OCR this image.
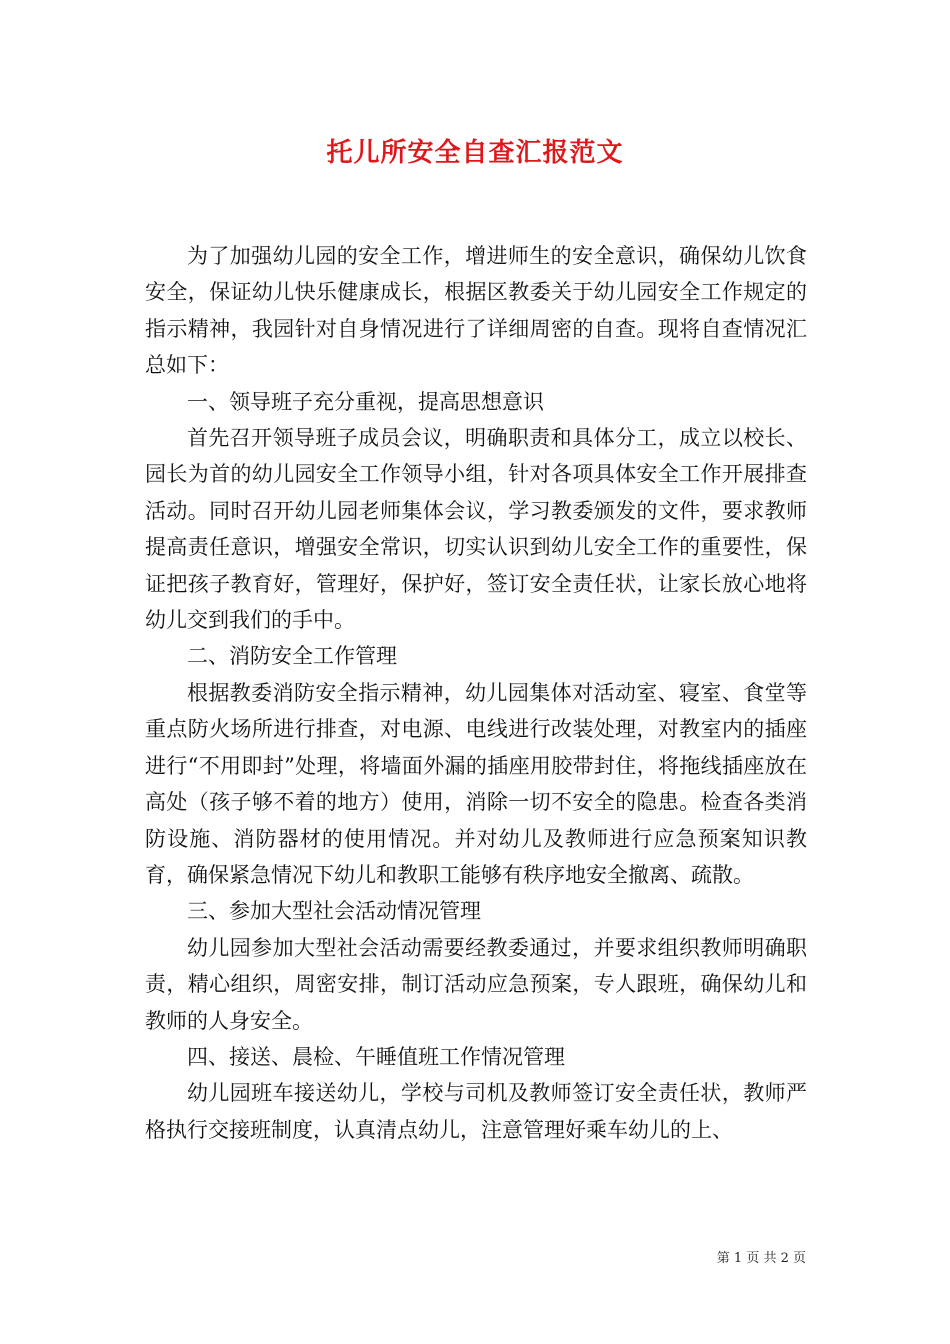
托儿所安全自查汇报范文

为了加强幼儿园的安全工作，增进师生的安全意识，确保幼儿饮食安全，保证幼儿快乐健康成长，根据区教委关于幼儿园安全工作规定的指示精神，我园针对自身情况进行了详细周密的自查。现将自查情况汇总如下：

一、领导班子充分重视，提高思想意识

首先召开领导班子成员会议，明确职责和具体分工，成立以校长、园长为首的幼儿园安全工作领导小组，针对各项具体安全工作开展排查活动。同时召开幼儿园老师集体会议，学习教委颁发的文件，要求教师提高责任意识，增强安全常识，切实认识到幼儿安全工作的重要性，保证把孩子教育好，管理好，保护好，签订安全责任状，让家长放心地将幼儿交到我们的手中。

二、消防安全工作管理

根据教委消防安全指示精神，幼儿园集体对活动室、寝室、食堂等重点防火场所进行排查，对电源、电线进行改装处理，对教室内的插座进行“不用即封”处理，将墙面外漏的插座用胶带封住，将拖线插座放在高处（孩子够不着的地方）使用，消除一切不安全的隐患。检查各类消防设施、消防器材的使用情况。并对幼儿及教师进行应急预案知识教育，确保紧急情况下幼儿和教职工能够有秩序地安全撤离、疏散。

三、参加大型社会活动情况管理

幼儿园参加大型社会活动需要经教委通过，并要求组织教师明确职责，精心组织，周密安排，制订活动应急预案，专人跟班，确保幼儿和教师的人身安全。

四、接送、晨检、午睡值班工作情况管理

幼儿园班车接送幼儿，学校与司机及教师签订安全责任状，教师严格执行交接班制度，认真清点幼儿，注意管理好乘车幼儿的上、

第 1 页 共 2 页
